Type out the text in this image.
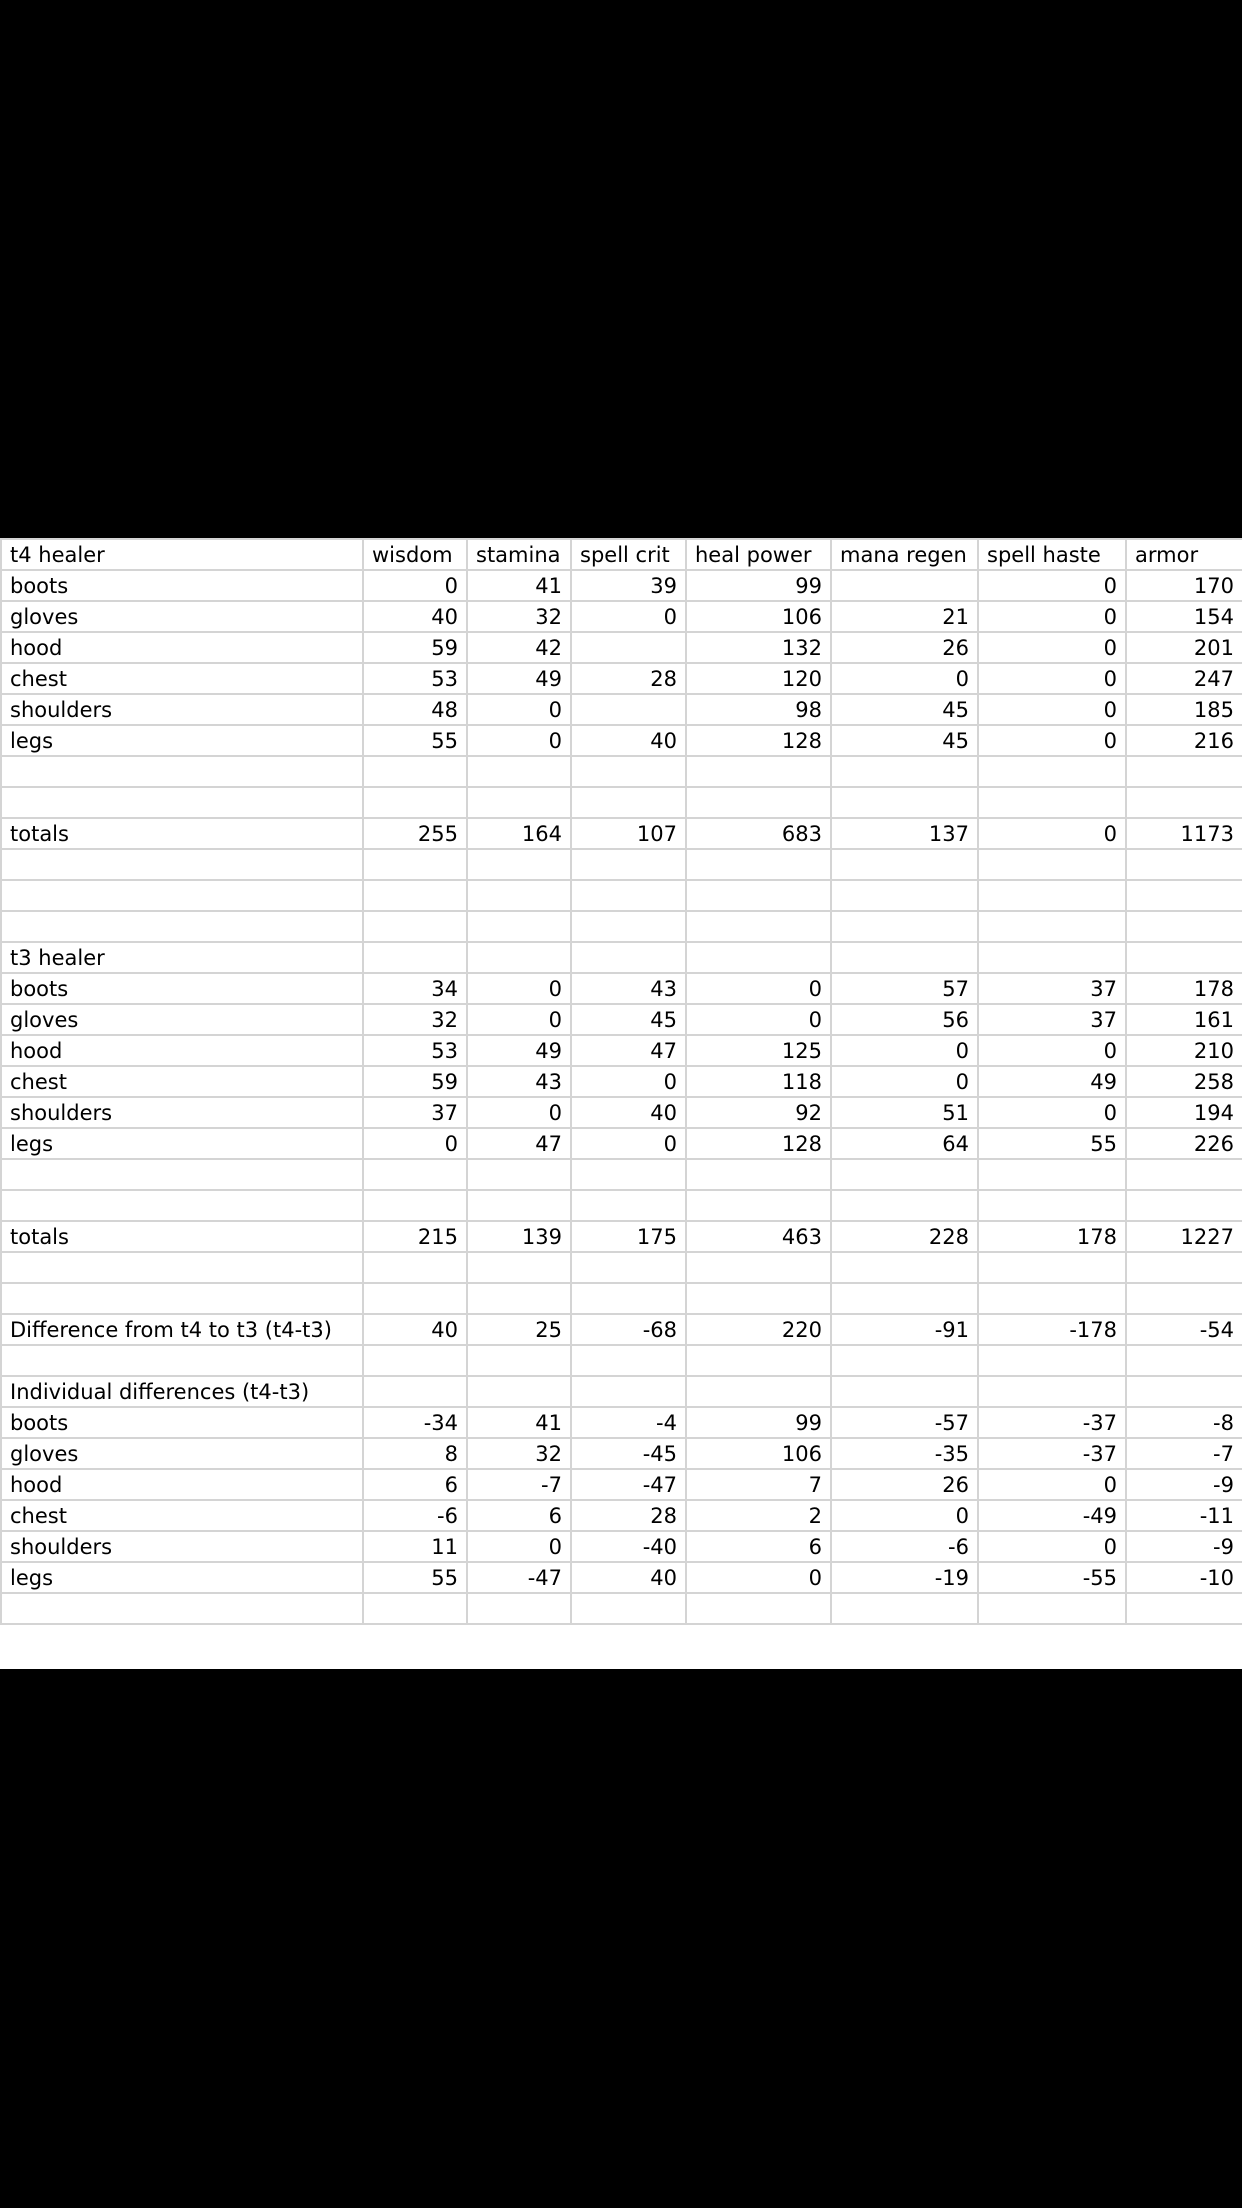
t4 healer	wisdom	stamina	spell crit	heal power	mana regen	spell haste	armor
boots	0	41	39	99		0	170
gloves	40	32	0	106	21	0	154
hood	59	42		132	26	0	201
chest	53	49	28	120	0	0	247
shoulders	48	0		98	45	0	185
legs	55	0	40	128	45	0	216

totals	255	164	107	683	137	0	1173

t3 healer							
boots	34	0	43	0	57	37	178
gloves	32	0	45	0	56	37	161
hood	53	49	47	125	0	0	210
chest	59	43	0	118	0	49	258
shoulders	37	0	40	92	51	0	194
legs	0	47	0	128	64	55	226

totals	215	139	175	463	228	178	1227

Difference from t4 to t3 (t4-t3)	40	25	-68	220	-91	-178	-54

Individual differences (t4-t3)							
boots	-34	41	-4	99	-57	-37	-8
gloves	8	32	-45	106	-35	-37	-7
hood	6	-7	-47	7	26	0	-9
chest	-6	6	28	2	0	-49	-11
shoulders	11	0	-40	6	-6	0	-9
legs	55	-47	40	0	-19	-55	-10
